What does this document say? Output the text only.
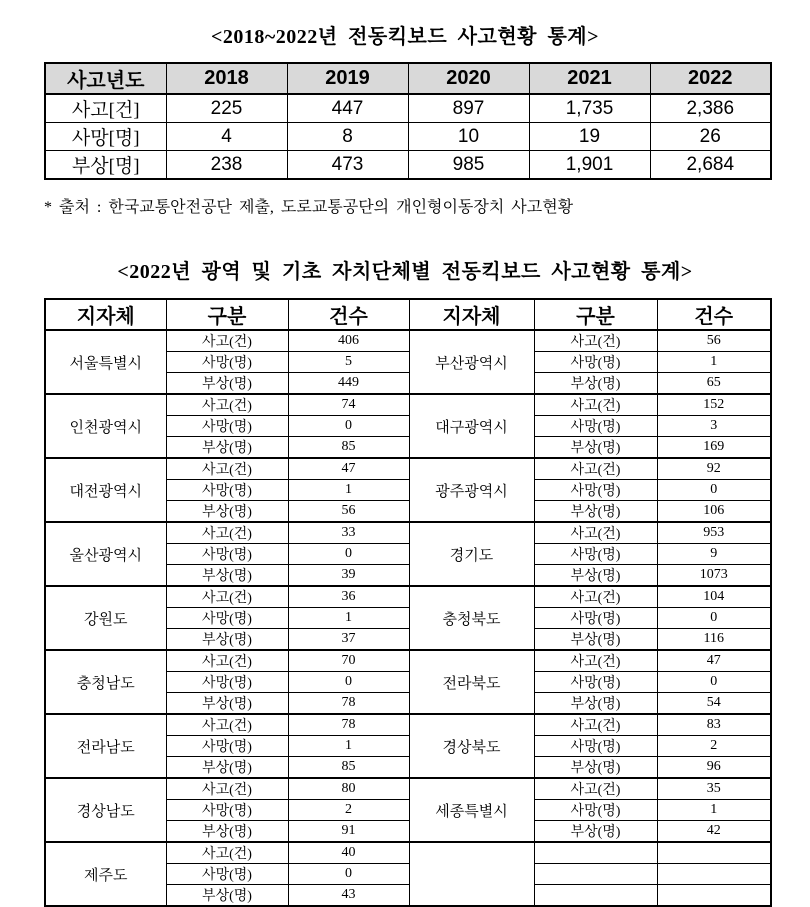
<2018~2022년 전동킥보드 사고현황 통계>
사고년도	2018	2019	2020	2021	2022
사고[건]	225	447	897	1,735	2,386
사망[명]	4	8	10	19	26
부상[명]	238	473	985	1,901	2,684
* 출처 : 한국교통안전공단 제출, 도로교통공단의 개인형이동장치 사고현황
<2022년 광역 및 기초 자치단체별 전동킥보드 사고현황 통계>
지자체	구분	건수	지자체	구분	건수
서울특별시	사고(건)	406	부산광역시	사고(건)	56
	사망(명)	5		사망(명)	1
	부상(명)	449		부상(명)	65
인천광역시	사고(건)	74	대구광역시	사고(건)	152
	사망(명)	0		사망(명)	3
	부상(명)	85		부상(명)	169
대전광역시	사고(건)	47	광주광역시	사고(건)	92
	사망(명)	1		사망(명)	0
	부상(명)	56		부상(명)	106
울산광역시	사고(건)	33	경기도	사고(건)	953
	사망(명)	0		사망(명)	9
	부상(명)	39		부상(명)	1073
강원도	사고(건)	36	충청북도	사고(건)	104
	사망(명)	1		사망(명)	0
	부상(명)	37		부상(명)	116
충청남도	사고(건)	70	전라북도	사고(건)	47
	사망(명)	0		사망(명)	0
	부상(명)	78		부상(명)	54
전라남도	사고(건)	78	경상북도	사고(건)	83
	사망(명)	1		사망(명)	2
	부상(명)	85		부상(명)	96
경상남도	사고(건)	80	세종특별시	사고(건)	35
	사망(명)	2		사망(명)	1
	부상(명)	91		부상(명)	42
제주도	사고(건)	40			
	사망(명)	0			
	부상(명)	43			
